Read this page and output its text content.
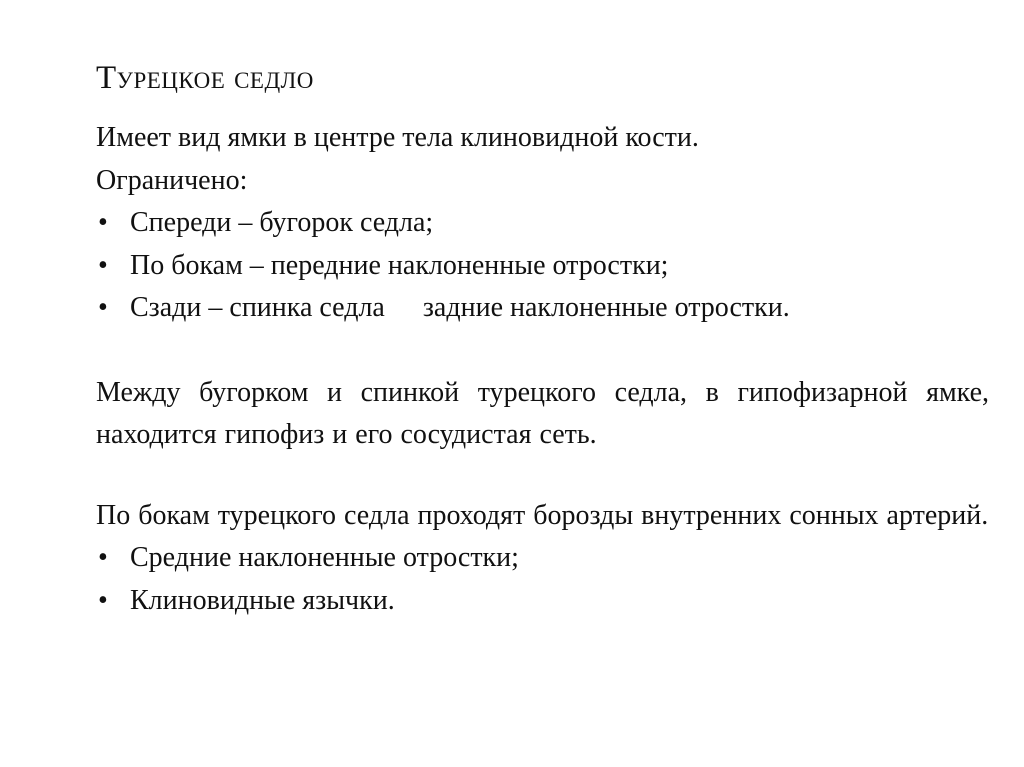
Турецкое седло
Имеет вид ямки в центре тела клиновидной кости.
Ограничено:
• Спереди – бугорок седла;
• По бокам – передние наклоненные отростки;
• Сзади – спинка седла задние наклоненные отростки.

Между бугорком и спинкой турецкого седла, в гипофизарной ямке, находится гипофиз и его сосудистая сеть.

По бокам турецкого седла проходят борозды внутренних сонных артерий.

• Средние наклоненные отростки;
• Клиновидные язычки.
